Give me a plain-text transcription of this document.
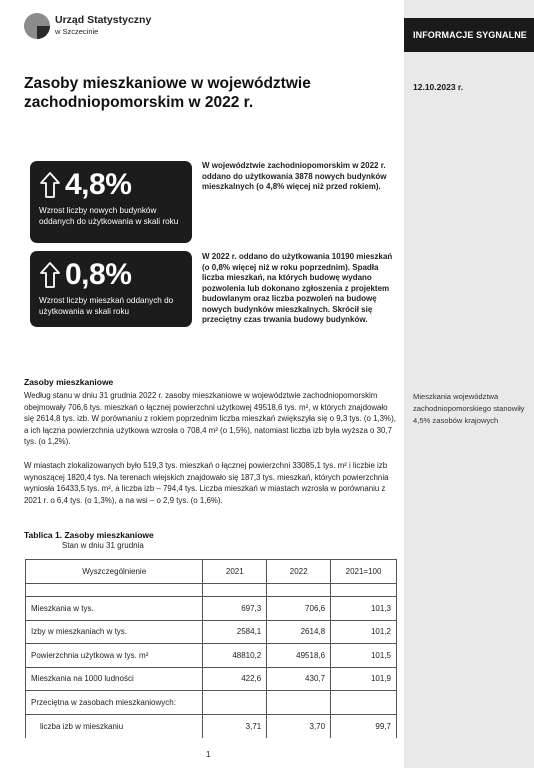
INFORMACJE SYGNALNE
12.10.2023 r.
Mieszkania województwa zachodniopomorskiego stanowiły 4,5% zasobów krajowych
Urząd Statystyczny
w Szczecinie
Zasoby mieszkaniowe w województwie zachodniopomorskim w 2022 r.
4,8%
Wzrost liczby nowych budynków oddanych do użytkowania w skali roku
W województwie zachodniopomorskim w 2022 r. oddano do użytkowania 3878 nowych budynków mieszkalnych (o 4,8% więcej niż przed rokiem).
0,8%
Wzrost liczby mieszkań oddanych do użytkowania w skali roku
W 2022 r. oddano do użytkowania 10190 mieszkań (o 0,8% więcej niż w roku poprzednim). Spadła liczba mieszkań, na których budowę wydano pozwolenia lub dokonano zgłoszenia z projektem budowlanym oraz liczba pozwoleń na budowę nowych budynków mieszkalnych. Skrócił się przeciętny czas trwania budowy budynków.
Zasoby mieszkaniowe
Według stanu w dniu 31 grudnia 2022 r. zasoby mieszkaniowe w województwie zachodniopomorskim obejmowały 706,6 tys. mieszkań o łącznej powierzchni użytkowej 49518,6 tys. m², w których znajdowało się 2614,8 tys. izb. W porównaniu z rokiem poprzednim liczba mieszkań zwiększyła się o 9,3 tys. (o 1,3%), a ich łączna powierzchnia użytkowa wzrosła o 708,4 m² (o 1,5%), natomiast liczba izb była wyższa o 30,7 tys. (o 1,2%).
W miastach zlokalizowanych było 519,3 tys. mieszkań o łącznej powierzchni 33085,1 tys. m² i liczbie izb wynoszącej 1820,4 tys. Na terenach wiejskich znajdowało się 187,3 tys. mieszkań, których powierzchnia wyniosła 16433,5 tys. m², a liczba izb – 794,4 tys. Liczba mieszkań w miastach wzrosła w porównaniu z 2021 r. o 6,4 tys. (o 1,3%), a na wsi – o 2,9 tys. (o 1,6%).
Tablica 1. Zasoby mieszkaniowe
Stan w dniu 31 grudnia
Wyszczególnienie	2021	2022	2021=100

Mieszkania w tys.	697,3	706,6	101,3
Izby w mieszkaniach w tys.	2584,1	2614,8	101,2
Powierzchnia użytkowa w tys. m²	48810,2	49518,6	101,5
Mieszkania na 1000 ludności	422,6	430,7	101,9
Przeciętna w zasobach mieszkaniowych:			
liczba izb w mieszkaniu	3,71	3,70	99,7
1
